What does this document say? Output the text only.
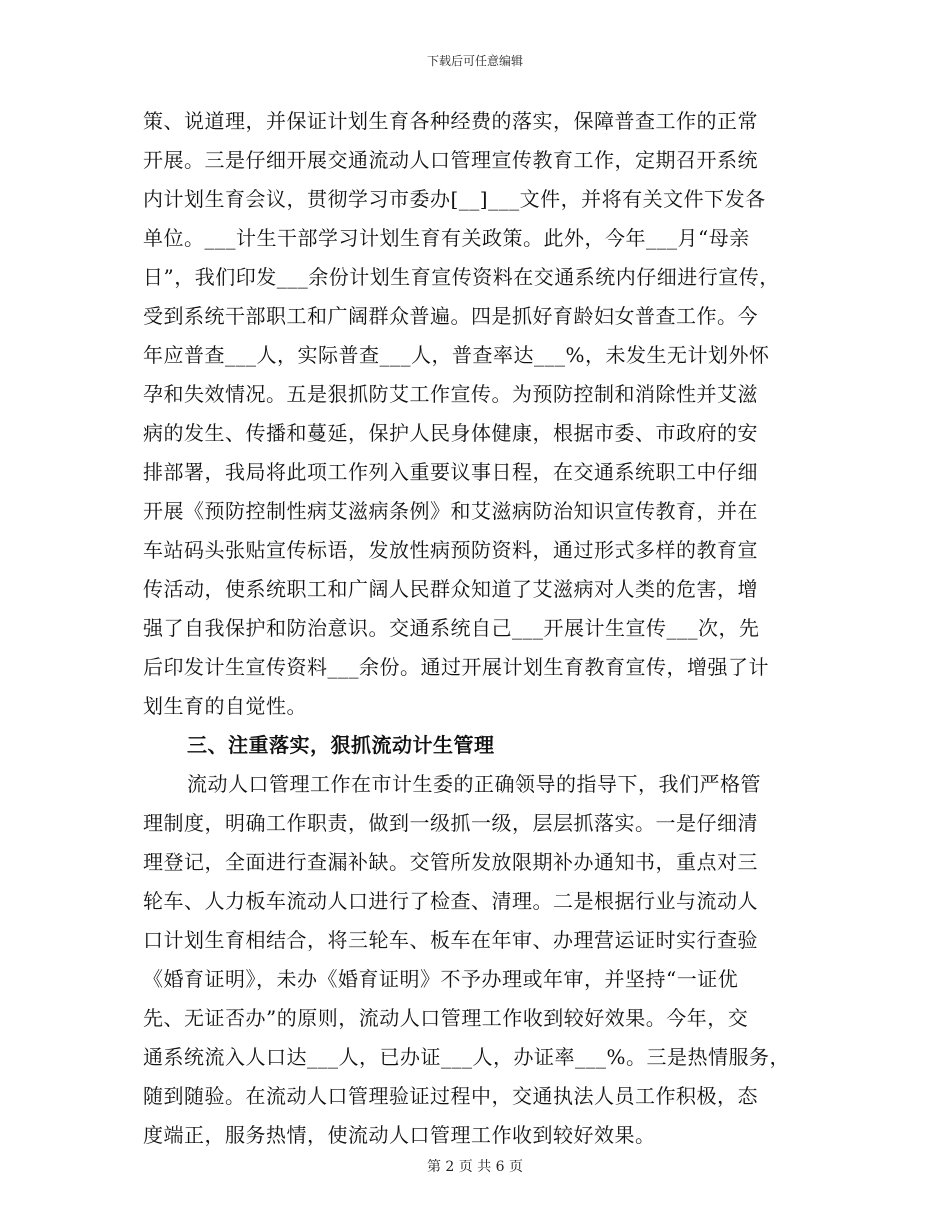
下载后可任意编辑
策、说道理，并保证计划生育各种经费的落实，保障普查工作的正常
开展。三是仔细开展交通流动人口管理宣传教育工作，定期召开系统
内计划生育会议，贯彻学习市委办[__]___文件，并将有关文件下发各
单位。___计生干部学习计划生育有关政策。此外，今年___月“母亲
日”，我们印发___余份计划生育宣传资料在交通系统内仔细进行宣传，
受到系统干部职工和广阔群众普遍。四是抓好育龄妇女普查工作。今
年应普查___人，实际普查___人，普查率达___%，未发生无计划外怀
孕和失效情况。五是狠抓防艾工作宣传。为预防控制和消除性并艾滋
病的发生、传播和蔓延，保护人民身体健康，根据市委、市政府的安
排部署，我局将此项工作列入重要议事日程，在交通系统职工中仔细
开展《预防控制性病艾滋病条例》和艾滋病防治知识宣传教育，并在
车站码头张贴宣传标语，发放性病预防资料，通过形式多样的教育宣
传活动，使系统职工和广阔人民群众知道了艾滋病对人类的危害，增
强了自我保护和防治意识。交通系统自己___开展计生宣传___次，先
后印发计生宣传资料___余份。通过开展计划生育教育宣传，增强了计
划生育的自觉性。
三、注重落实，狠抓流动计生管理
流动人口管理工作在市计生委的正确领导的指导下，我们严格管
理制度，明确工作职责，做到一级抓一级，层层抓落实。一是仔细清
理登记，全面进行查漏补缺。交管所发放限期补办通知书，重点对三
轮车、人力板车流动人口进行了检查、清理。二是根据行业与流动人
口计划生育相结合，将三轮车、板车在年审、办理营运证时实行查验
《婚育证明》，未办《婚育证明》不予办理或年审，并坚持“一证优
先、无证否办”的原则，流动人口管理工作收到较好效果。今年，交
通系统流入人口达___人，已办证___人，办证率___%。三是热情服务，
随到随验。在流动人口管理验证过程中，交通执法人员工作积极，态
度端正，服务热情，使流动人口管理工作收到较好效果。
第 2 页 共 6 页
